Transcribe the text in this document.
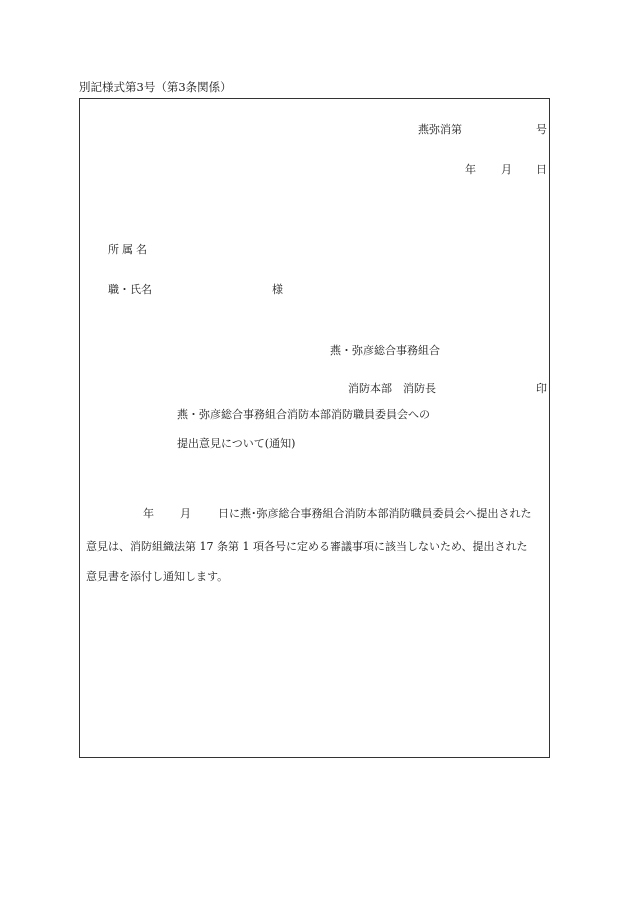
別記様式第3号（第3条関係）
燕弥消第	号
年 月 日
所属名
職・氏名	様
燕・弥彦総合事務組合
消防本部　消防長	印
燕・弥彦総合事務組合消防本部消防職員委員会への
提出意見について(通知)
年 月 日に燕･弥彦総合事務組合消防本部消防職員委員会へ提出された
意見は、消防組織法第 17 条第 1 項各号に定める審議事項に該当しないため、提出された
意見書を添付し通知します。
